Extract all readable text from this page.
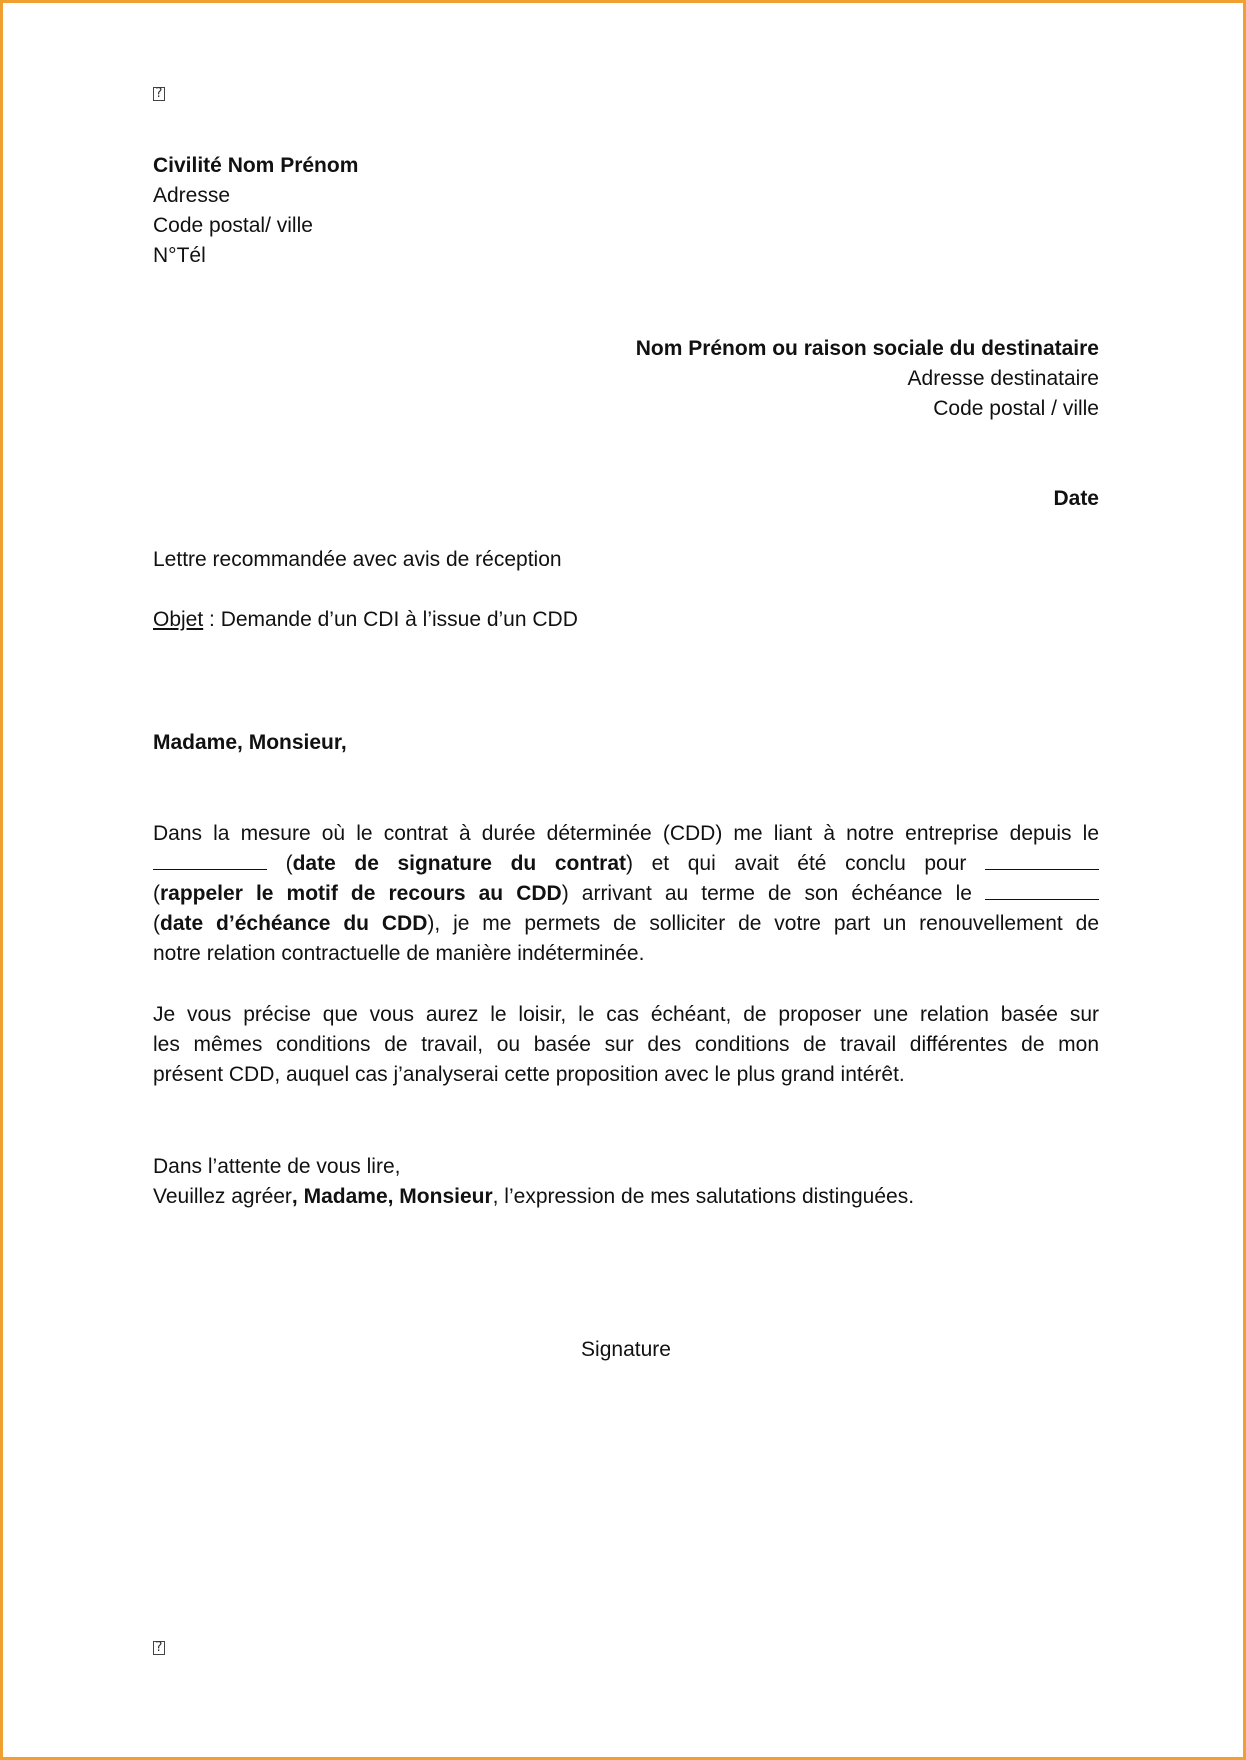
?
Civilité Nom Prénom
Adresse
Code postal/ ville
N°Tél
Nom Prénom ou raison sociale du destinataire
Adresse destinataire
Code postal / ville
Date
Lettre recommandée avec avis de réception
Objet : Demande d’un CDI à l’issue d’un CDD
Madame, Monsieur,
Dans la mesure où le contrat à durée déterminée (CDD) me liant à notre entreprise depuis le
(date de signature du contrat) et qui avait été conclu pour
(rappeler le motif de recours au CDD) arrivant au terme de son échéance le
(date d’échéance du CDD), je me permets de solliciter de votre part un renouvellement de
notre relation contractuelle de manière indéterminée.
Je vous précise que vous aurez le loisir, le cas échéant, de proposer une relation basée sur
les mêmes conditions de travail, ou basée sur des conditions de travail différentes de mon
présent CDD, auquel cas j’analyserai cette proposition avec le plus grand intérêt.
Dans l’attente de vous lire,
Veuillez agréer, Madame, Monsieur, l’expression de mes salutations distinguées.
Signature
?
